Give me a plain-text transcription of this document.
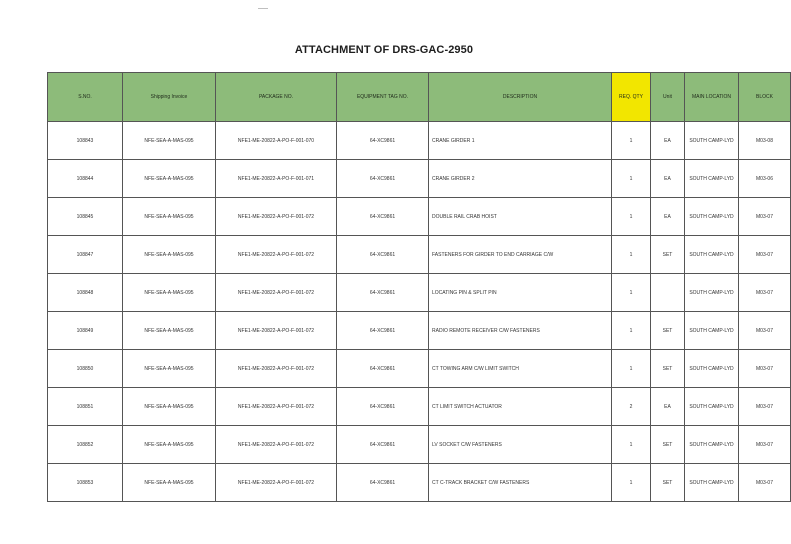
ATTACHMENT OF DRS-GAC-2950
S.NO.	Shipping Invoice	PACKAGE NO.	EQUIPMENT TAG NO.	DESCRIPTION	REQ. QTY	Unit	MAIN LOCATION	BLOCK
108843	NFE-SEA-A-MAS-095	NFE1-ME-20822-A-PO-F-001-070	64-XC9861	CRANE GIRDER 1	1	EA	SOUTH CAMP-LYD	M03-08
108844	NFE-SEA-A-MAS-095	NFE1-ME-20822-A-PO-F-001-071	64-XC9861	CRANE GIRDER 2	1	EA	SOUTH CAMP-LYD	M03-06
108845	NFE-SEA-A-MAS-095	NFE1-ME-20822-A-PO-F-001-072	64-XC9861	DOUBLE RAIL CRAB HOIST	1	EA	SOUTH CAMP-LYD	M03-07
108847	NFE-SEA-A-MAS-095	NFE1-ME-20822-A-PO-F-001-072	64-XC9861	FASTENERS FOR GIRDER TO END CARRIAGE C/W	1	SET	SOUTH CAMP-LYD	M03-07
108848	NFE-SEA-A-MAS-095	NFE1-ME-20822-A-PO-F-001-072	64-XC9861	LOCATING PIN & SPLIT PIN	1		SOUTH CAMP-LYD	M03-07
108849	NFE-SEA-A-MAS-095	NFE1-ME-20822-A-PO-F-001-072	64-XC9861	RADIO REMOTE RECEIVER C/W FASTENERS	1	SET	SOUTH CAMP-LYD	M03-07
108850	NFE-SEA-A-MAS-095	NFE1-ME-20822-A-PO-F-001-072	64-XC9861	CT TOWING ARM C/W LIMIT SWITCH	1	SET	SOUTH CAMP-LYD	M03-07
108851	NFE-SEA-A-MAS-095	NFE1-ME-20822-A-PO-F-001-072	64-XC9861	CT LIMIT SWITCH ACTUATOR	2	EA	SOUTH CAMP-LYD	M03-07
108852	NFE-SEA-A-MAS-095	NFE1-ME-20822-A-PO-F-001-072	64-XC9861	LV SOCKET C/W FASTENERS	1	SET	SOUTH CAMP-LYD	M03-07
108853	NFE-SEA-A-MAS-095	NFE1-ME-20822-A-PO-F-001-072	64-XC9861	CT C-TRACK BRACKET C/W FASTENERS	1	SET	SOUTH CAMP-LYD	M03-07
